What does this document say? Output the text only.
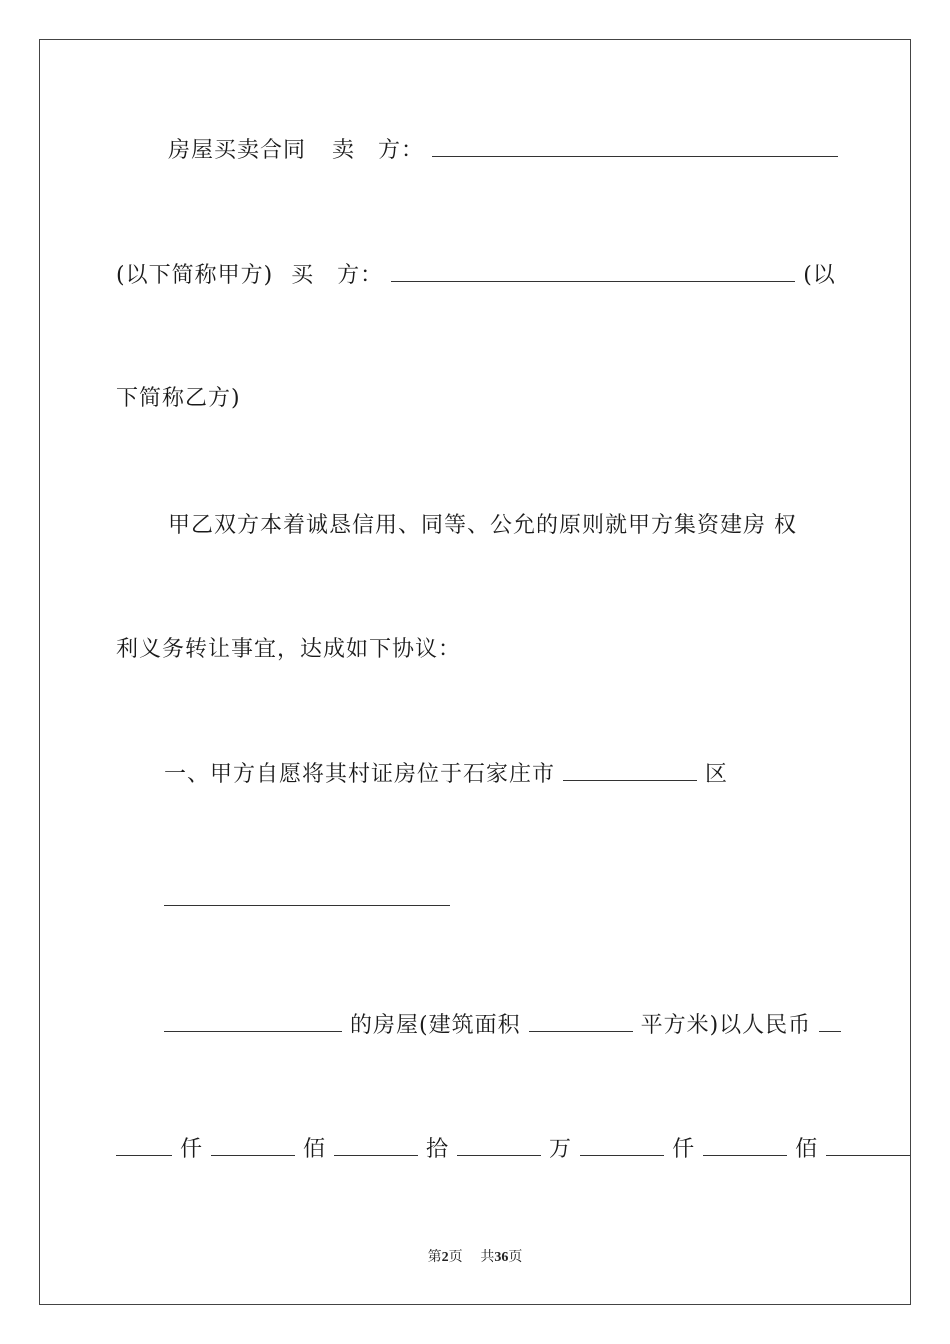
房屋买卖合同 卖　方：
(以下简称甲方) 买　方：	(以
下简称乙方)
甲乙双方本着诚恳信用、同等、公允的原则就甲方集资建房 权
利义务转让事宜，达成如下协议：
一、甲方自愿将其村证房位于石家庄市	区
的房屋(建筑面积	平方米)以人民币
仟	佰	拾	万	仟	佰
第2页 共36页
